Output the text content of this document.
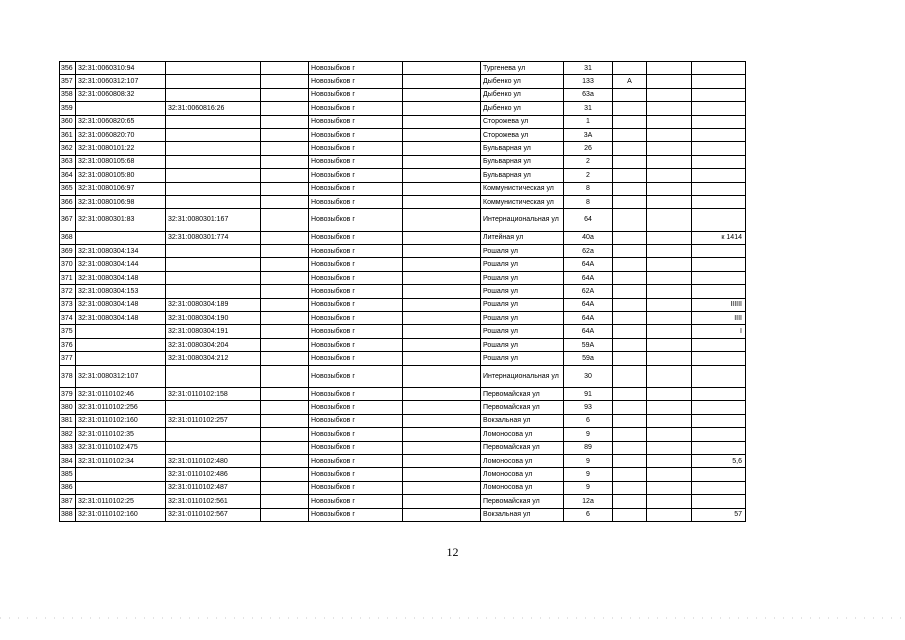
356	32:31:0060310:94			Новозыбков г		Тургенева ул	31			
357	32:31:0060312:107			Новозыбков г		Дыбенко ул	133	А		
358	32:31:0060808:32			Новозыбков г		Дыбенко ул	63а			
359		32:31:0060816:26		Новозыбков г		Дыбенко ул	31			
360	32:31:0060820:65			Новозыбков г		Сторожева ул	1			
361	32:31:0060820:70			Новозыбков г		Сторожева ул	3А			
362	32:31:0080101:22			Новозыбков г		Бульварная ул	26			
363	32:31:0080105:68			Новозыбков г		Бульварная ул	2			
364	32:31:0080105:80			Новозыбков г		Бульварная ул	2			
365	32:31:0080106:97			Новозыбков г		Коммунистическая ул	8			
366	32:31:0080106:98			Новозыбков г		Коммунистическая ул	8			
367	32:31:0080301:83	32:31:0080301:167		Новозыбков г		Интернациональная ул	64			
368		32:31:0080301:774		Новозыбков г		Литейная ул	40а			к 1414
369	32:31:0080304:134			Новозыбков г		Рошаля ул	62а			
370	32:31:0080304:144			Новозыбков г		Рошаля ул	64А			
371	32:31:0080304:148			Новозыбков г		Рошаля ул	64А			
372	32:31:0080304:153			Новозыбков г		Рошаля ул	62А			
373	32:31:0080304:148	32:31:0080304:189		Новозыбков г		Рошаля ул	64А			IIIIII
374	32:31:0080304:148	32:31:0080304:190		Новозыбков г		Рошаля ул	64А			IIII
375		32:31:0080304:191		Новозыбков г		Рошаля ул	64А			I
376		32:31:0080304:204		Новозыбков г		Рошаля ул	59А			
377		32:31:0080304:212		Новозыбков г		Рошаля ул	59а			
378	32:31:0080312:107			Новозыбков г		Интернациональная ул	30			
379	32:31:0110102:46	32:31:0110102:158		Новозыбков г		Первомайская ул	91			
380	32:31:0110102:256			Новозыбков г		Первомайская ул	93			
381	32:31:0110102:160	32:31:0110102:257		Новозыбков г		Вокзальная ул	6			
382	32:31:0110102:35			Новозыбков г		Ломоносова ул	9			
383	32:31:0110102:475			Новозыбков г		Первомайская ул	89			
384	32:31:0110102:34	32:31:0110102:480		Новозыбков г		Ломоносова ул	9			5,6
385		32:31:0110102:486		Новозыбков г		Ломоносова ул	9			
386		32:31:0110102:487		Новозыбков г		Ломоносова ул	9			
387	32:31:0110102:25	32:31:0110102:561		Новозыбков г		Первомайская ул	12а			
388	32:31:0110102:160	32:31:0110102:567		Новозыбков г		Вокзальная ул	6			57
12
